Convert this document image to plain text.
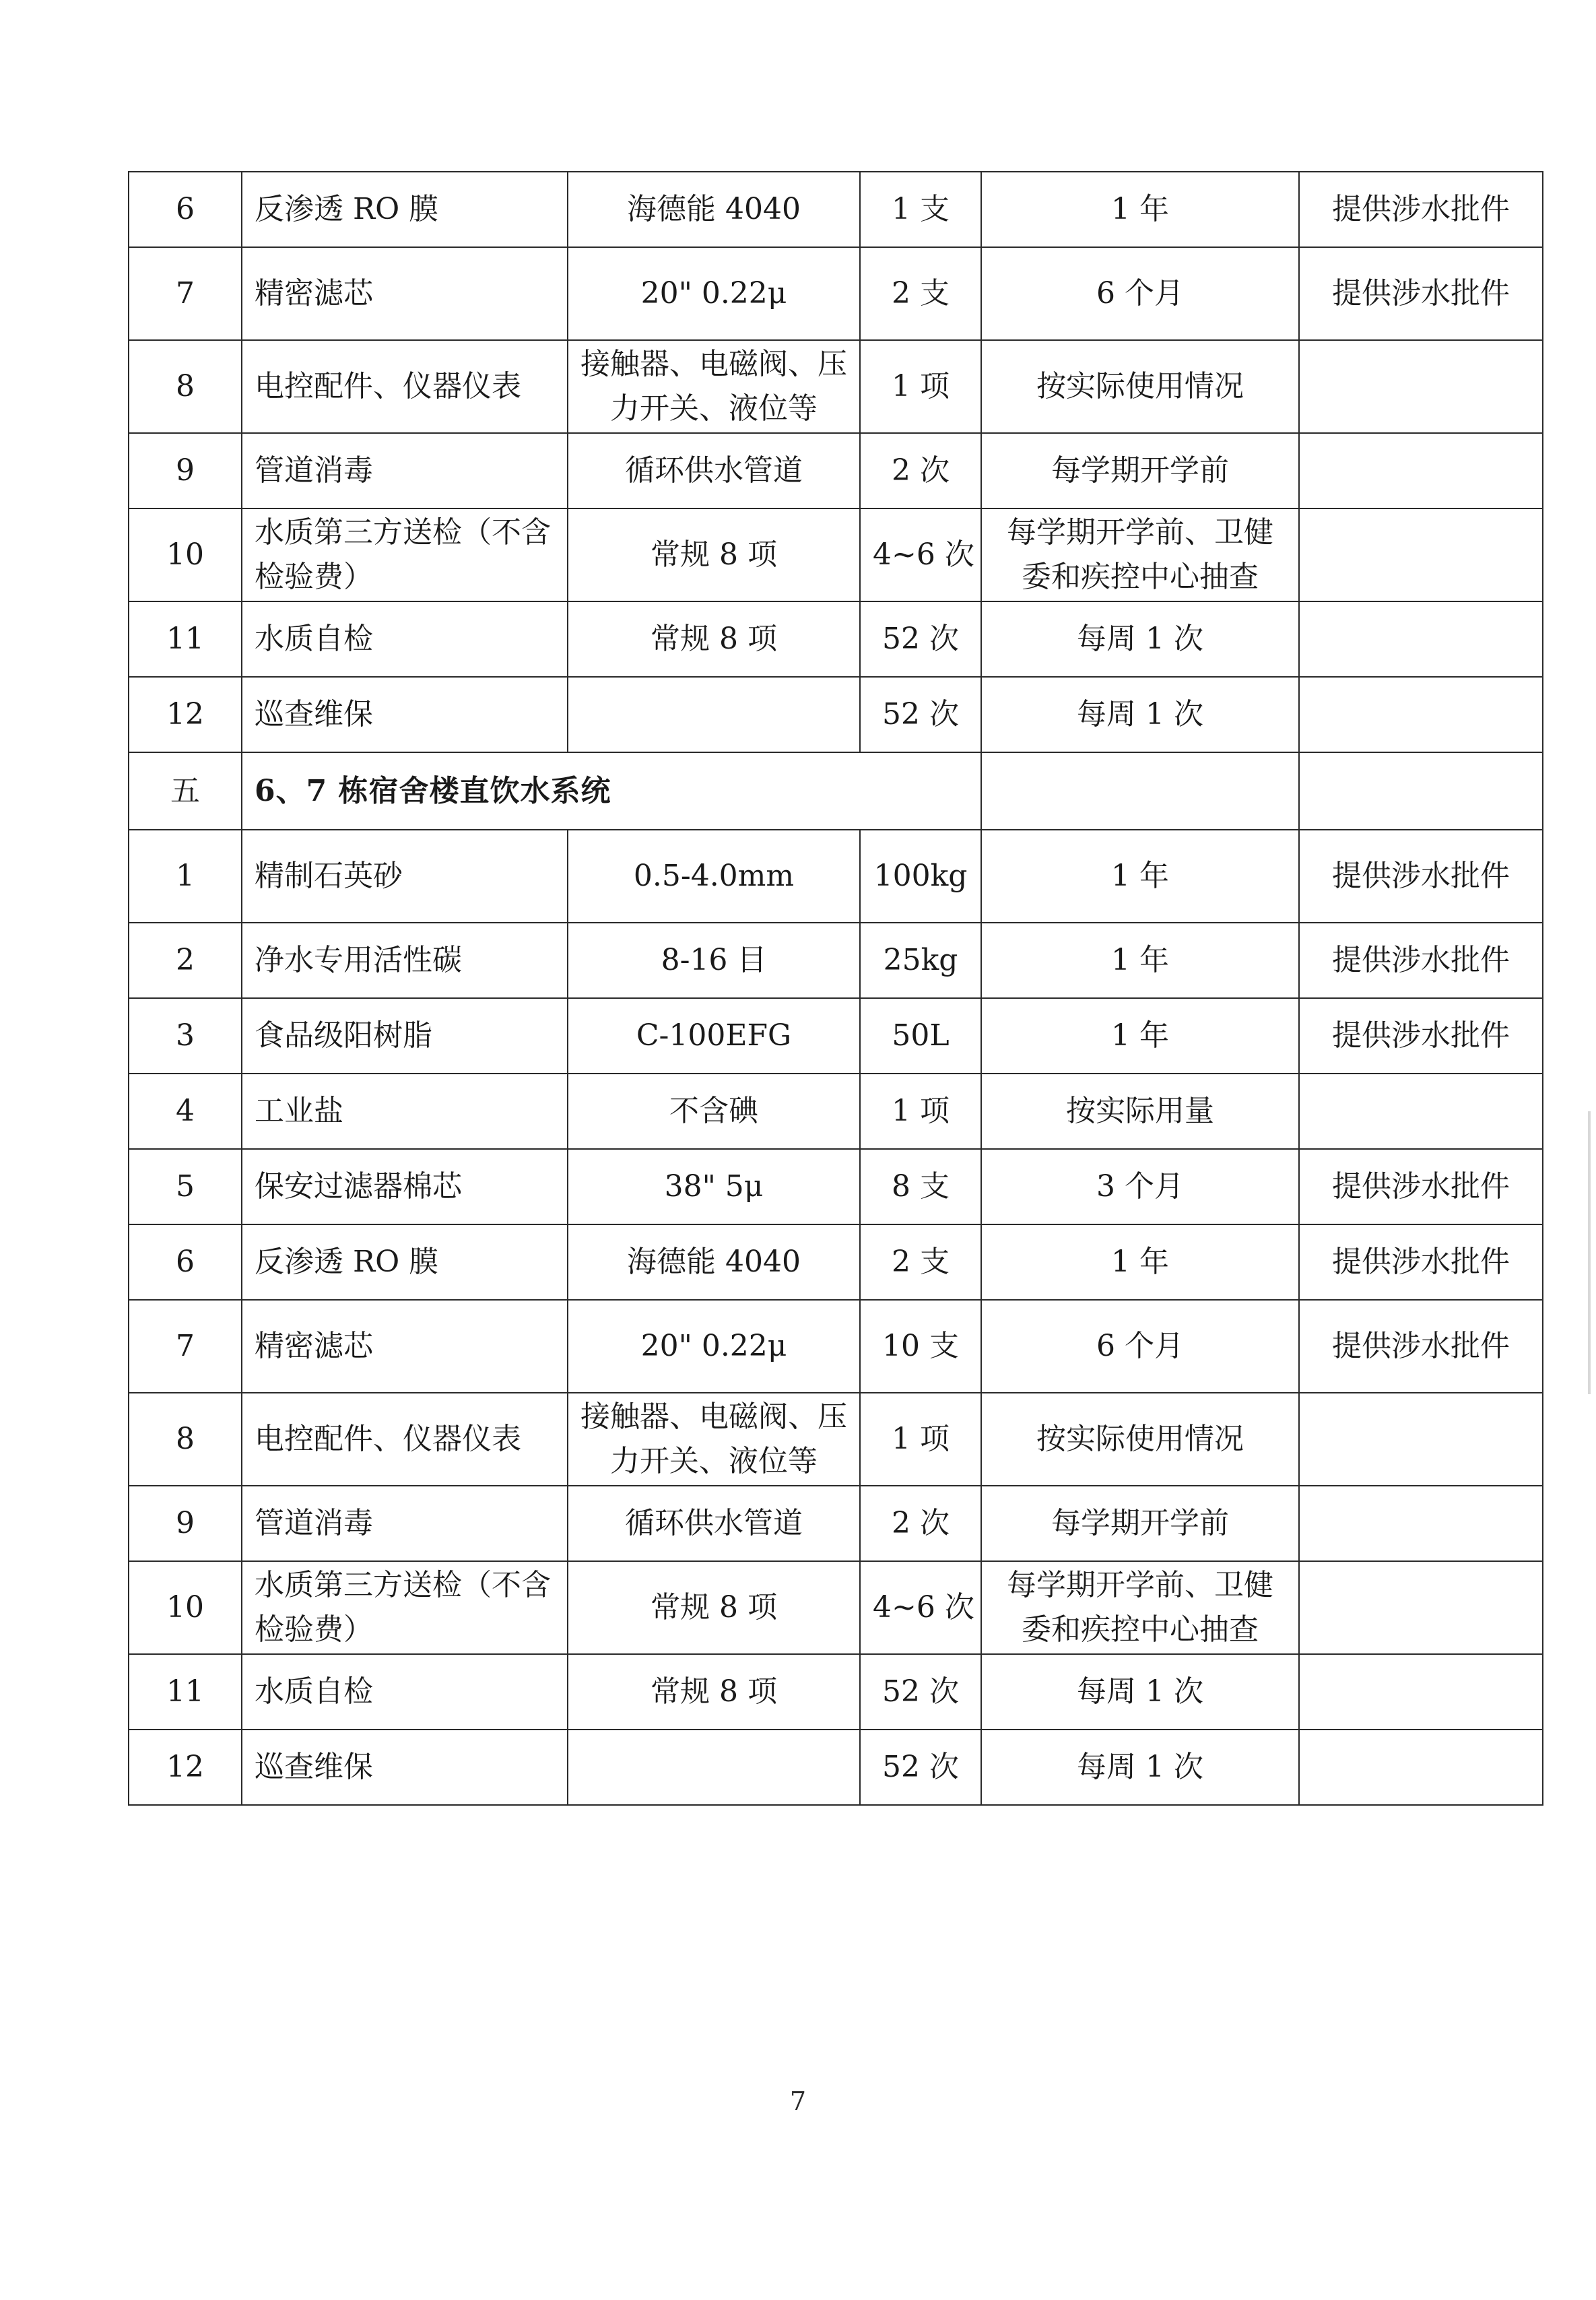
6	反渗透 RO 膜	海德能 4040	1 支	1 年	提供涉水批件
7	精密滤芯	20" 0.22μ	2 支	6 个月	提供涉水批件
8	电控配件、仪器仪表	接触器、电磁阀、压力开关、液位等	1 项	按实际使用情况	
9	管道消毒	循环供水管道	2 次	每学期开学前	
10	水质第三方送检（不含检验费）	常规 8 项	4~6 次	每学期开学前、卫健委和疾控中心抽查	
11	水质自检	常规 8 项	52 次	每周 1 次	
12	巡查维保		52 次	每周 1 次	
五	6、7 栋宿舍楼直饮水系统				
1	精制石英砂	0.5-4.0mm	100kg	1 年	提供涉水批件
2	净水专用活性碳	8-16 目	25kg	1 年	提供涉水批件
3	食品级阳树脂	C-100EFG	50L	1 年	提供涉水批件
4	工业盐	不含碘	1 项	按实际用量	
5	保安过滤器棉芯	38" 5μ	8 支	3 个月	提供涉水批件
6	反渗透 RO 膜	海德能 4040	2 支	1 年	提供涉水批件
7	精密滤芯	20" 0.22μ	10 支	6 个月	提供涉水批件
8	电控配件、仪器仪表	接触器、电磁阀、压力开关、液位等	1 项	按实际使用情况	
9	管道消毒	循环供水管道	2 次	每学期开学前	
10	水质第三方送检（不含检验费）	常规 8 项	4~6 次	每学期开学前、卫健委和疾控中心抽查	
11	水质自检	常规 8 项	52 次	每周 1 次	
12	巡查维保		52 次	每周 1 次	
7
